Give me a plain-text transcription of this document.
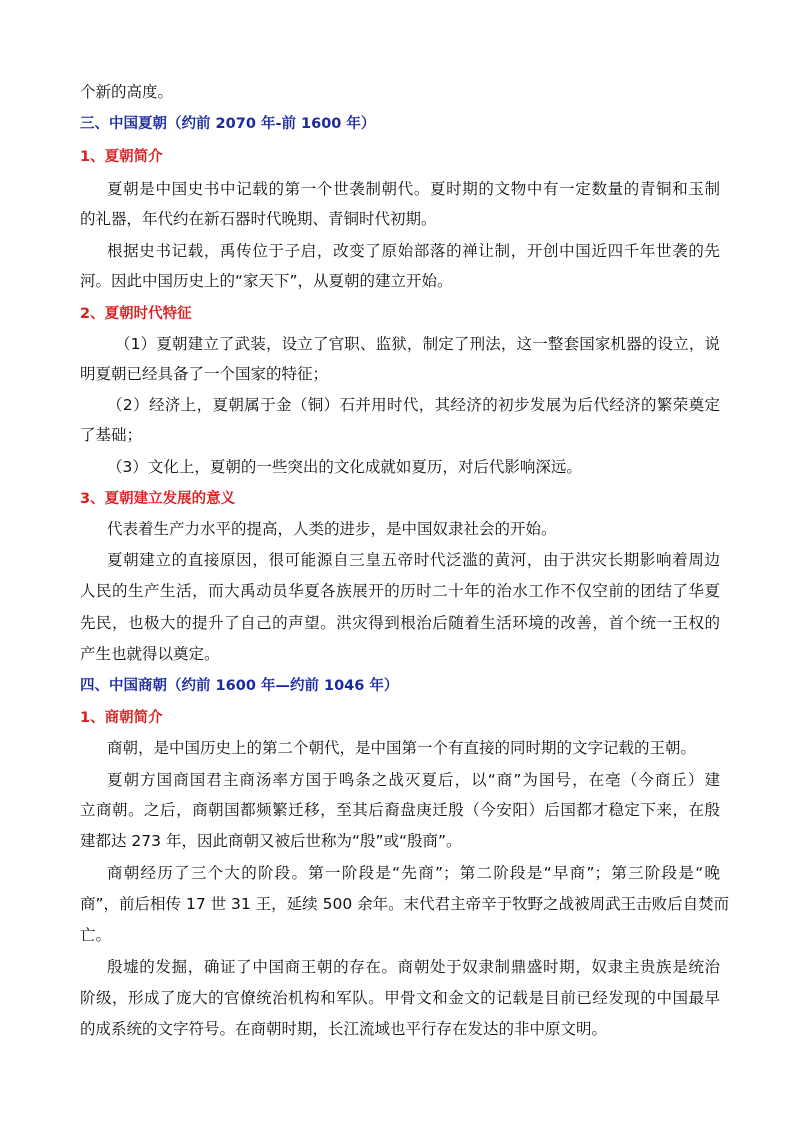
个新的高度。

三、中国夏朝（约前 2070 年-前 1600 年）

1、夏朝简介

夏朝是中国史书中记载的第一个世袭制朝代。夏时期的文物中有一定数量的青铜和玉制

的礼器，年代约在新石器时代晚期、青铜时代初期。

根据史书记载，禹传位于子启，改变了原始部落的禅让制，开创中国近四千年世袭的先

河。因此中国历史上的“家天下”，从夏朝的建立开始。

2、夏朝时代特征

（1）夏朝建立了武装，设立了官职、监狱，制定了刑法，这一整套国家机器的设立，说

明夏朝已经具备了一个国家的特征；

（2）经济上，夏朝属于金（铜）石并用时代，其经济的初步发展为后代经济的繁荣奠定

了基础；

（3）文化上，夏朝的一些突出的文化成就如夏历，对后代影响深远。

3、夏朝建立发展的意义

代表着生产力水平的提高，人类的进步，是中国奴隶社会的开始。

夏朝建立的直接原因，很可能源自三皇五帝时代泛滥的黄河，由于洪灾长期影响着周边

人民的生产生活，而大禹动员华夏各族展开的历时二十年的治水工作不仅空前的团结了华夏

先民，也极大的提升了自己的声望。洪灾得到根治后随着生活环境的改善，首个统一王权的

产生也就得以奠定。

四、中国商朝（约前 1600 年—约前 1046 年）

1、商朝简介

商朝，是中国历史上的第二个朝代，是中国第一个有直接的同时期的文字记载的王朝。

夏朝方国商国君主商汤率方国于鸣条之战灭夏后，以“商”为国号，在亳（今商丘）建

立商朝。之后，商朝国都频繁迁移，至其后裔盘庚迁殷（今安阳）后国都才稳定下来，在殷

建都达 273 年，因此商朝又被后世称为“殷”或“殷商”。

商朝经历了三个大的阶段。第一阶段是“先商”；第二阶段是“早商”；第三阶段是“晚

商”，前后相传 17 世 31 王，延续 500 余年。末代君主帝辛于牧野之战被周武王击败后自焚而

亡。

殷墟的发掘，确证了中国商王朝的存在。商朝处于奴隶制鼎盛时期，奴隶主贵族是统治

阶级，形成了庞大的官僚统治机构和军队。甲骨文和金文的记载是目前已经发现的中国最早

的成系统的文字符号。在商朝时期，长江流域也平行存在发达的非中原文明。
